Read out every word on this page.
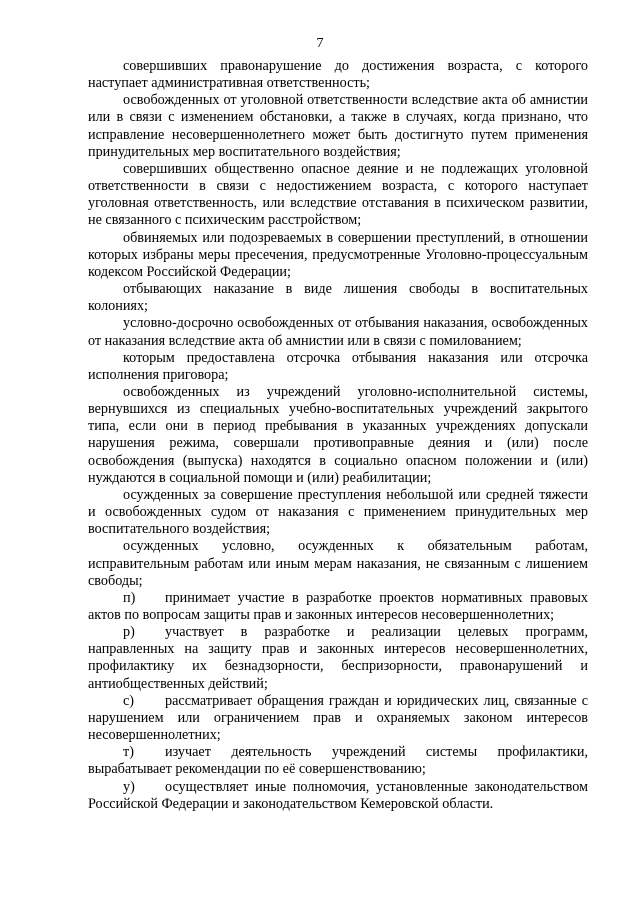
7

совершивших правонарушение до достижения возраста, с которого наступает административная ответственность;

освобожденных от уголовной ответственности вследствие акта об амнистии или в связи с изменением обстановки, а также в случаях, когда признано, что исправление несовершеннолетнего может быть достигнуто путем применения принудительных мер воспитательного воздействия;

совершивших общественно опасное деяние и не подлежащих уголовной ответственности в связи с недостижением возраста, с которого наступает уголовная ответственность, или вследствие отставания в психическом развитии, не связанного с психическим расстройством;

обвиняемых или подозреваемых в совершении преступлений, в отношении которых избраны меры пресечения, предусмотренные Уголовно-процессуальным кодексом Российской Федерации;

отбывающих наказание в виде лишения свободы в воспитательных колониях;

условно-досрочно освобожденных от отбывания наказания, освобожденных от наказания вследствие акта об амнистии или в связи с помилованием;

которым предоставлена отсрочка отбывания наказания или отсрочка исполнения приговора;

освобожденных из учреждений уголовно-исполнительной системы, вернувшихся из специальных учебно-воспитательных учреждений закрытого типа, если они в период пребывания в указанных учреждениях допускали нарушения режима, совершали противоправные деяния и (или) после освобождения (выпуска) находятся в социально опасном положении и (или) нуждаются в социальной помощи и (или) реабилитации;

осужденных за совершение преступления небольшой или средней тяжести и освобожденных судом от наказания с применением принудительных мер воспитательного воздействия;

осужденных условно, осужденных к обязательным работам, исправительным работам или иным мерам наказания, не связанным с лишением свободы;

п) принимает участие в разработке проектов нормативных правовых актов по вопросам защиты прав и законных интересов несовершеннолетних;

р) участвует в разработке и реализации целевых программ, направленных на защиту прав и законных интересов несовершеннолетних, профилактику их безнадзорности, беспризорности, правонарушений и антиобщественных действий;

с) рассматривает обращения граждан и юридических лиц, связанные с нарушением или ограничением прав и охраняемых законом интересов несовершеннолетних;

т) изучает деятельность учреждений системы профилактики, вырабатывает рекомендации по её совершенствованию;

у) осуществляет иные полномочия, установленные законодательством Российской Федерации и законодательством Кемеровской области.
